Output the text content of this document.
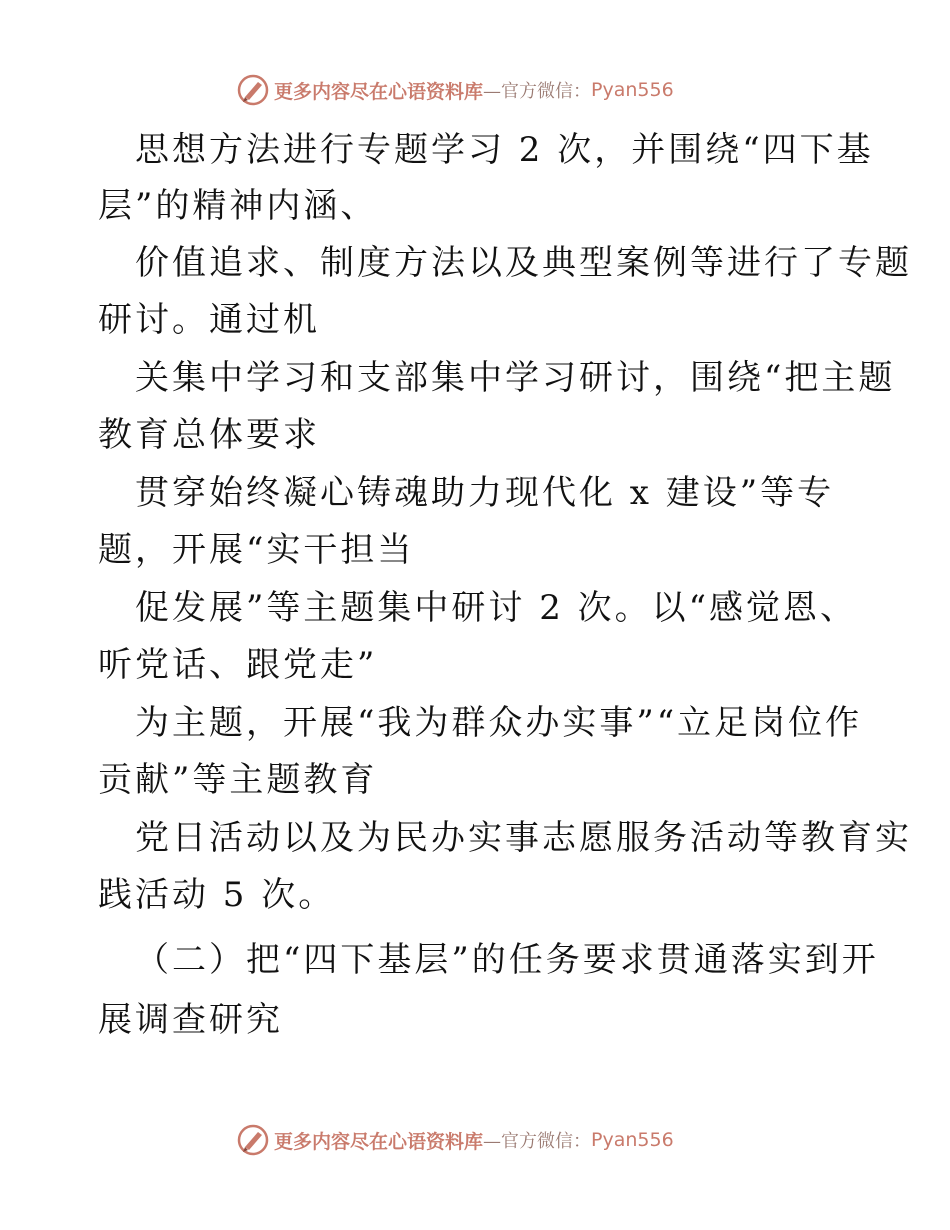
更多内容尽在心语资料库 —官方微信： Pyan556
思想方法进行专题学习 2 次，并围绕“四下基
层”的精神内涵、
价值追求、制度方法以及典型案例等进行了专题
研讨。通过机
关集中学习和支部集中学习研讨，围绕“把主题
教育总体要求
贯穿始终凝心铸魂助力现代化 x 建设”等专
题，开展“实干担当
促发展”等主题集中研讨 2 次。以“感觉恩、
听党话、跟党走”
为主题，开展“我为群众办实事”“立足岗位作
贡献”等主题教育
党日活动以及为民办实事志愿服务活动等教育实
践活动 5 次。
（二）把“四下基层”的任务要求贯通落实到开
展调查研究
更多内容尽在心语资料库 —官方微信： Pyan556
